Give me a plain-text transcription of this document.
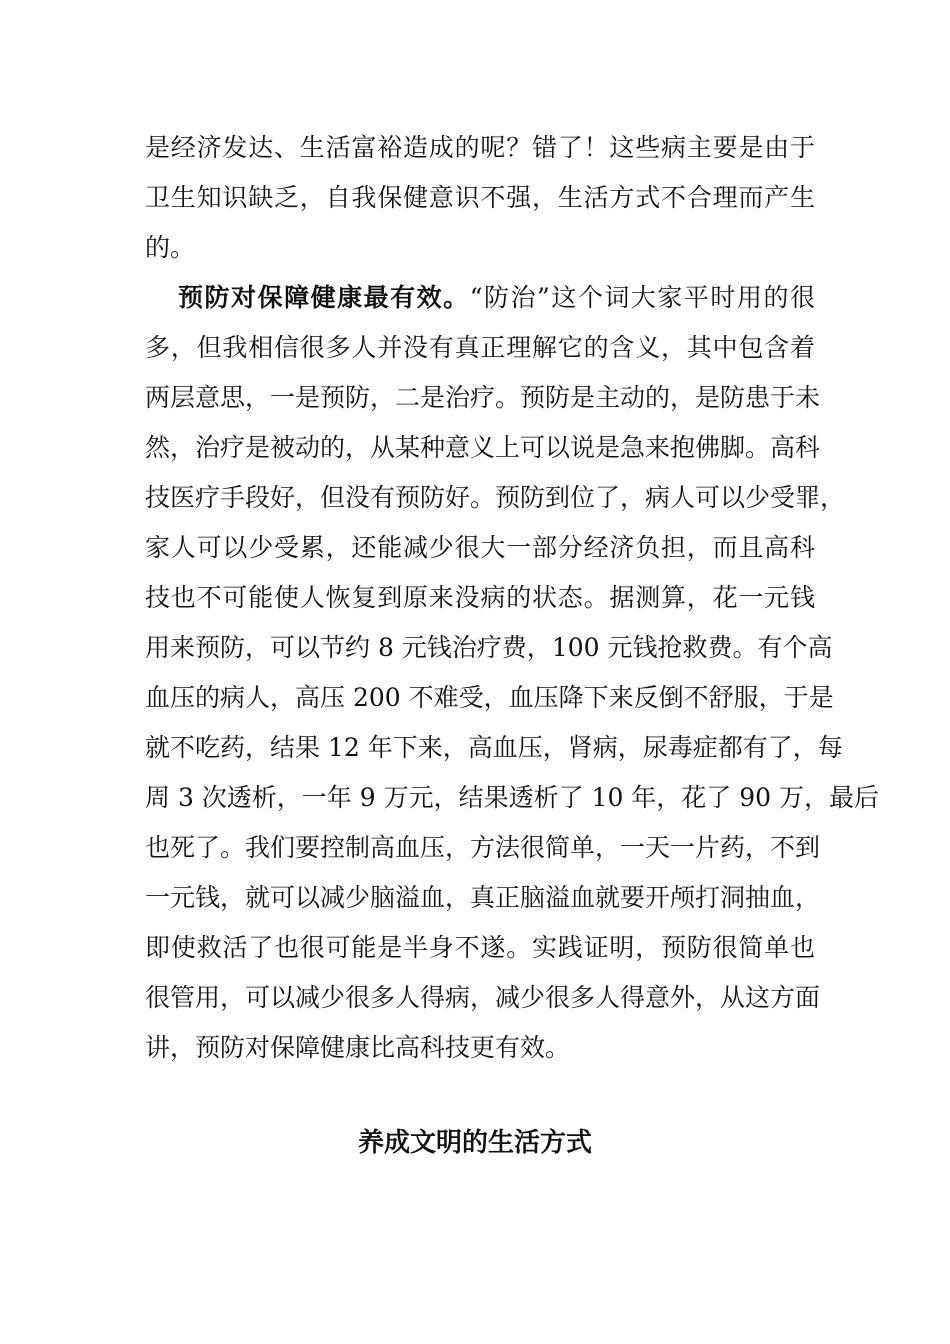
是经济发达、生活富裕造成的呢？错了！这些病主要是由于
卫生知识缺乏，自我保健意识不强，生活方式不合理而产生
的。
预防对保障健康最有效。“防治”这个词大家平时用的很
多，但我相信很多人并没有真正理解它的含义，其中包含着
两层意思，一是预防，二是治疗。预防是主动的，是防患于未
然，治疗是被动的，从某种意义上可以说是急来抱佛脚。高科
技医疗手段好，但没有预防好。预防到位了，病人可以少受罪，
家人可以少受累，还能减少很大一部分经济负担，而且高科
技也不可能使人恢复到原来没病的状态。据测算，花一元钱
用来预防，可以节约 8 元钱治疗费，100 元钱抢救费。有个高
血压的病人，高压 200 不难受，血压降下来反倒不舒服，于是
就不吃药，结果 12 年下来，高血压，肾病，尿毒症都有了，每
周 3 次透析，一年 9 万元，结果透析了 10 年，花了 90 万，最后
也死了。我们要控制高血压，方法很简单，一天一片药，不到
一元钱，就可以减少脑溢血，真正脑溢血就要开颅打洞抽血，
即使救活了也很可能是半身不遂。实践证明，预防很简单也
很管用，可以减少很多人得病，减少很多人得意外，从这方面
讲，预防对保障健康比高科技更有效。
养成文明的生活方式
